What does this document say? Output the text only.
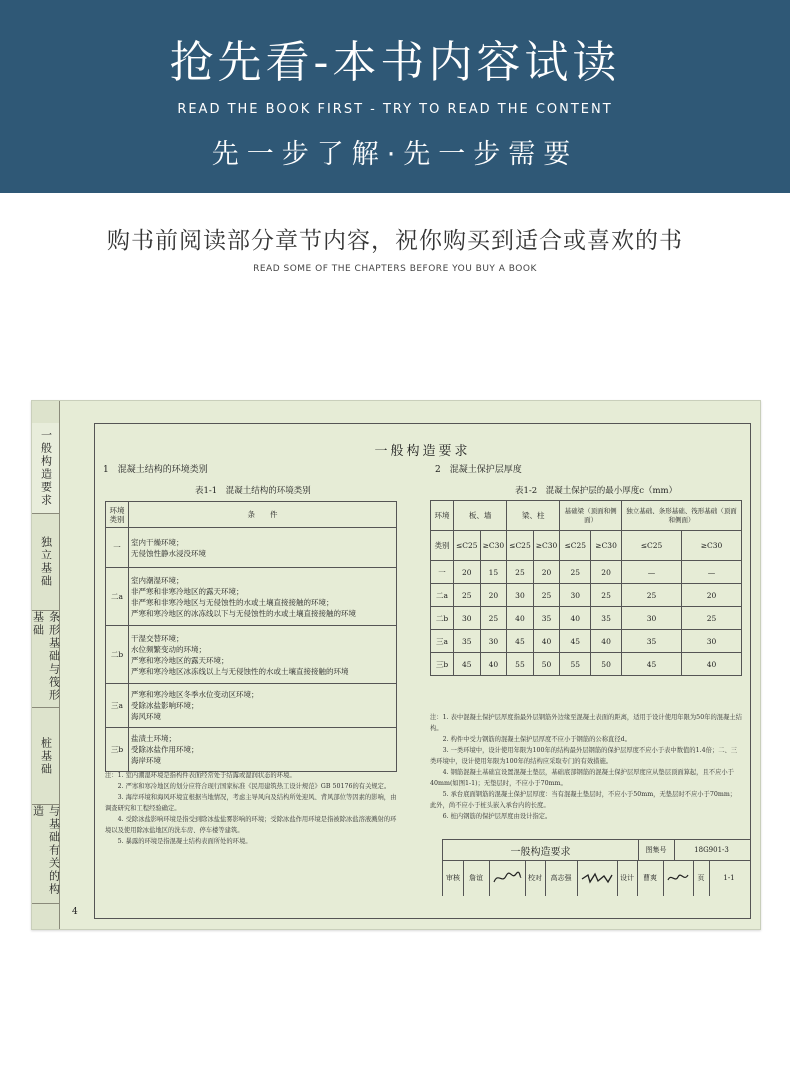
抢先看-本书内容试读
READ THE BOOK FIRST - TRY TO READ THE CONTENT
先一步了解·先一步需要
购书前阅读部分章节内容，祝你购买到适合或喜欢的书
READ SOME OF THE CHAPTERS BEFORE YOU BUY A BOOK
一般构造要求
独立基础
条形基础与筏形基础
桩基础
与基础有关的构造
一般构造要求
1　混凝土结构的环境类别
表1-1　混凝土结构的环境类别
环境类别	条　　件
一	室内干燥环境；
无侵蚀性静水浸没环境
二a	室内潮湿环境；
非严寒和非寒冷地区的露天环境；
非严寒和非寒冷地区与无侵蚀性的水或土壤直接接触的环境；
严寒和寒冷地区的冰冻线以下与无侵蚀性的水或土壤直接接触的环境
二b	干湿交替环境；
水位频繁变动的环境；
严寒和寒冷地区的露天环境；
严寒和寒冷地区冰冻线以上与无侵蚀性的水或土壤直接接触的环境
三a	严寒和寒冷地区冬季水位变动区环境；
受除冰盐影响环境；
海风环境
三b	盐渍土环境；
受除冰盐作用环境；
海岸环境
注：1. 室内潮湿环境是指构件表面经常处于结露或湿润状态的环境。
　　2. 严寒和寒冷地区的划分应符合现行国家标准《民用建筑热工设计规范》GB 50176的有关规定。
　　3. 海岸环境和海风环境宜根据当地情况，考虑主导风向及结构所处迎风、背风部位等因素的影响，由调查研究和工程经验确定。
　　4. 受除冰盐影响环境是指受到除冰盐盐雾影响的环境；受除冰盐作用环境是指被除冰盐溶液溅射的环境以及使用除冰盐地区的洗车房、停车楼等建筑。
　　5. 暴露的环境是指混凝土结构表面所处的环境。
2　混凝土保护层厚度
表1-2　混凝土保护层的最小厚度c（mm）
环境	板、墙		梁、柱		基础梁（顶面和侧面）		独立基础、条形基础、筏形基础（顶面和侧面）	
类别	≤C25	≥C30	≤C25	≥C30	≤C25	≥C30	≤C25	≥C30
一	20	15	25	20	25	20	—	—
二a	25	20	30	25	30	25	25	20
二b	30	25	40	35	40	35	30	25
三a	35	30	45	40	45	40	35	30
三b	45	40	55	50	55	50	45	40
注：1. 表中混凝土保护层厚度指最外层钢筋外边缘至混凝土表面的距离，适用于设计使用年限为50年的混凝土结构。
　　2. 构件中受力钢筋的混凝土保护层厚度不应小于钢筋的公称直径d。
　　3. 一类环境中，设计使用年限为100年的结构最外层钢筋的保护层厚度不应小于表中数值的1.4倍；二、三类环境中，设计使用年限为100年的结构应采取专门的有效措施。
　　4. 钢筋混凝土基础宜设置混凝土垫层，基础底部钢筋的混凝土保护层厚度应从垫层顶面算起，且不应小于40mm(如图1-1)；无垫层时，不应小于70mm。
　　5. 承台底面钢筋的混凝土保护层厚度：当有混凝土垫层时，不应小于50mm，无垫层时不应小于70mm；此外，尚不应小于桩头嵌入承台内的长度。
　　6. 桩内钢筋的保护层厚度由设计指定。
一般构造要求	图集号	18G901-3
审核	詹谊	校对	高志强	设计	曹爽	页	1-1
4
